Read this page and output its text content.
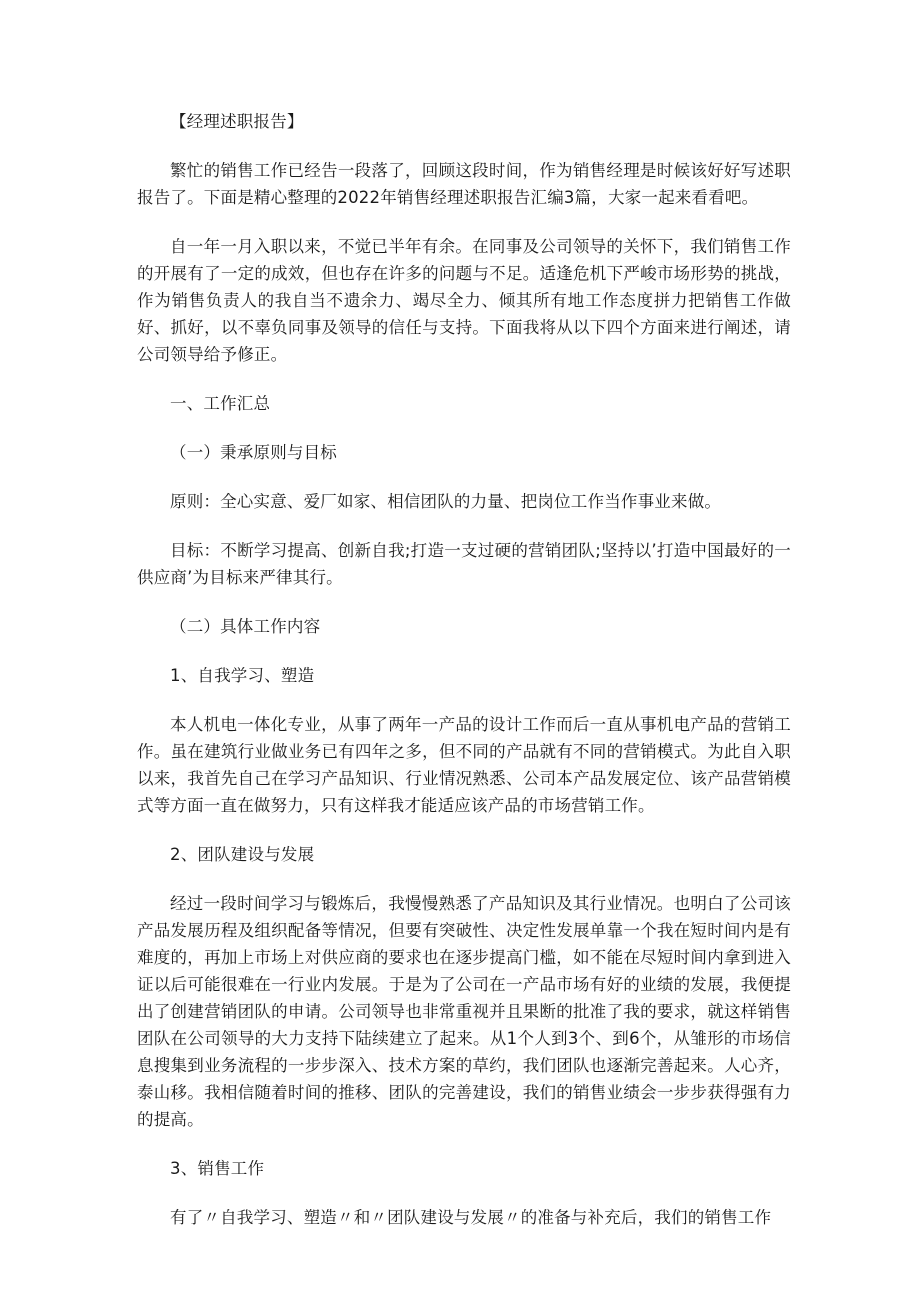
【经理述职报告】

繁忙的销售工作已经告一段落了，回顾这段时间，作为销售经理是时候该好好写述职报告了。下面是精心整理的2022年销售经理述职报告汇编3篇，大家一起来看看吧。

自一年一月入职以来，不觉已半年有余。在同事及公司领导的关怀下，我们销售工作的开展有了一定的成效，但也存在许多的问题与不足。适逢危机下严峻市场形势的挑战，作为销售负责人的我自当不遗余力、竭尽全力、倾其所有地工作态度拼力把销售工作做好、抓好，以不辜负同事及领导的信任与支持。下面我将从以下四个方面来进行阐述，请公司领导给予修正。

一、工作汇总

（一）秉承原则与目标

原则：全心实意、爱厂如家、相信团队的力量、把岗位工作当作事业来做。

目标：不断学习提高、创新自我;打造一支过硬的营销团队;坚持以’打造中国最好的一供应商’为目标来严律其行。

（二）具体工作内容

1、自我学习、塑造

本人机电一体化专业，从事了两年一产品的设计工作而后一直从事机电产品的营销工作。虽在建筑行业做业务已有四年之多，但不同的产品就有不同的营销模式。为此自入职以来，我首先自己在学习产品知识、行业情况熟悉、公司本产品发展定位、该产品营销模式等方面一直在做努力，只有这样我才能适应该产品的市场营销工作。

2、团队建设与发展

经过一段时间学习与锻炼后，我慢慢熟悉了产品知识及其行业情况。也明白了公司该产品发展历程及组织配备等情况，但要有突破性、决定性发展单靠一个我在短时间内是有难度的，再加上市场上对供应商的要求也在逐步提高门槛，如不能在尽短时间内拿到进入证以后可能很难在一行业内发展。于是为了公司在一产品市场有好的业绩的发展，我便提出了创建营销团队的申请。公司领导也非常重视并且果断的批准了我的要求，就这样销售团队在公司领导的大力支持下陆续建立了起来。从1个人到3个、到6个，从雏形的市场信息搜集到业务流程的一步步深入、技术方案的草约，我们团队也逐渐完善起来。人心齐，泰山移。我相信随着时间的推移、团队的完善建设，我们的销售业绩会一步步获得强有力的提高。

3、销售工作

有了〃自我学习、塑造〃和〃团队建设与发展〃的准备与补充后，我们的销售工作
